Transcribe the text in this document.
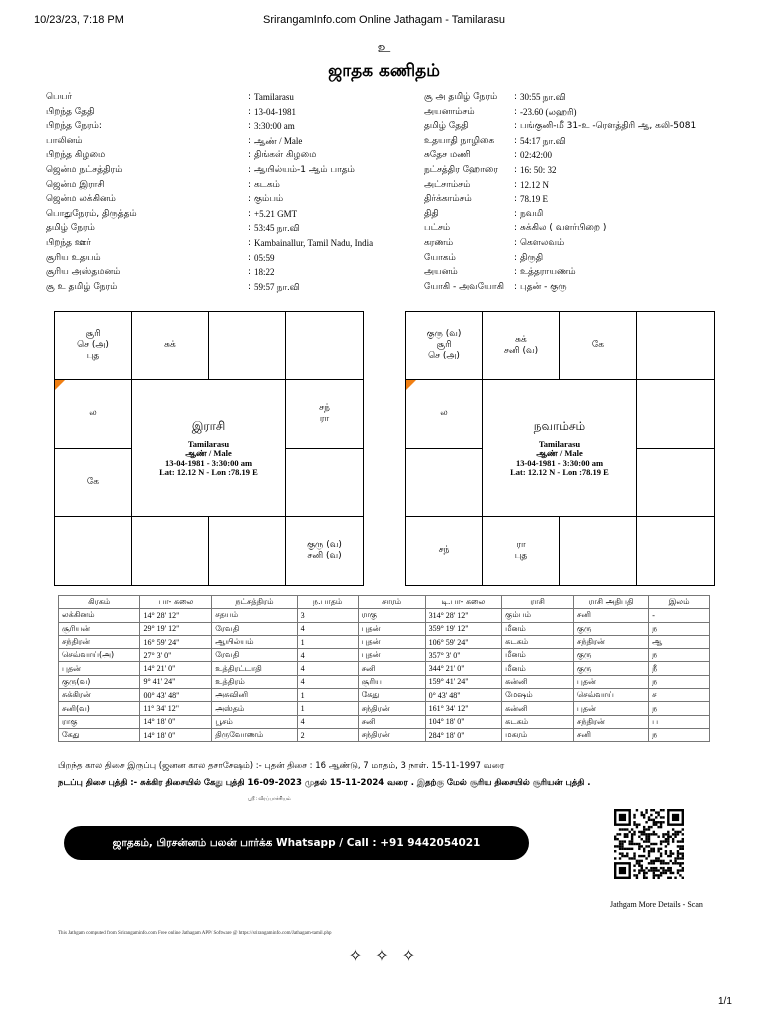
10/23/23, 7:18 PM	SrirangamInfo.com Online Jathagam - Tamilarasu
உ
ஜாதக கணிதம்
பெயர்	: Tamilarasu
பிறந்த தேதி	: 13-04-1981
பிறந்த நேரம்:	: 3:30:00 am
பாலினம்	: ஆண் / Male
பிறந்த கிழமை	: திங்கள் கிழமை
ஜென்ம நட்சத்திரம்	: ஆயில்யம்-1 ஆம் பாதம்
ஜென்ம இராசி	: கடகம்
ஜென்ம லக்கினம்	: கும்பம்
பொதுநேரம், திருத்தம்	: +5.21 GMT
தமிழ் நேரம்	: 53:45 நா.வி
பிறந்த ஊர்	: Kambainallur, Tamil Nadu, India
சூரிய உதயம்	: 05:59
சூரிய அஸ்தமனம்	: 18:22
சூ உ தமிழ் நேரம்	: 59:57 நா.வி
சூ அ தமிழ் நேரம் : 30:55 நா.வி
அயனாம்சம்	: -23.60 (லஹரி)
தமிழ் தேதி	: பங்குனி-மீ 31-உ -ரௌத்திரி ஆ, கலி-5081
உதயாதி நாழிகை : 54:17 நா.வி
சுதேச மணி	: 02:42:00
நட்சத்திர ஹோரை : 16: 50: 32
அட்சாம்சம்	: 12.12 N
திர்க்காம்சம்	: 78.19 E
திதி	: நவமி
பட்சம்	: சுக்கில ( வளர்பிறை )
கரணம்	: கௌலவம்
யோகம்	: திருதி
அயனம்	: உத்தராயணம்
யோகி - அவயோகி : புதன் - குரு
சூரி
செ (அ)
புத
சுக்
ல
சந்
ரா
கே
குரு (வ)
சனி (வ)
இராசி
Tamilarasu
ஆண் / Male
13-04-1981 - 3:30:00 am
Lat: 12.12 N - Lon :78.19 E
குரு (வ)
சூரி
செ (அ)
சுக்
சனி (வ)
கே
ல
சந்
ரா
புத
நவாம்சம்
Tamilarasu
ஆண் / Male
13-04-1981 - 3:30:00 am
Lat: 12.12 N - Lon :78.19 E
கிரகம்	பா- கலை	நட்சத்திரம்	ந.பாதம்	சாரம்	டி.பா- கலை	ராசி	ராசி அதிபதி	இலம்
லக்கினம்	14° 28' 12"	சதயம்	3	ராகு	314° 28' 12"	கும்பம்	சனி	-
சூரியன்	29° 19' 12"	ரேவதி	4	புதன்	359° 19' 12"	மீனம்	குரு	ந
சந்திரன்	16° 59' 24"	ஆயில்யம்	1	புதன்	106° 59' 24"	கடகம்	சந்திரன்	ஆ
செவ்வாய்(அ)	27° 3' 0"	ரேவதி	4	புதன்	357° 3' 0"	மீனம்	குரு	ந
புதன்	14° 21' 0"	உத்திரட்டாதி	4	சனி	344° 21' 0"	மீனம்	குரு	நீ
குரு(வ)	9° 41' 24"	உத்திரம்	4	சூரிய	159° 41' 24"	கன்னி	புதன்	ந
சுக்கிரன்	00° 43' 48"	அசுவினி	1	கேது	0° 43' 48"	மேஷம்	செவ்வாய்	ச
சனி(வ)	11° 34' 12"	அஸ்தம்	1	சந்திரன்	161° 34' 12"	கன்னி	புதன்	ந
ராகு	14° 18' 0"	பூசம்	4	சனி	104° 18' 0"	கடகம்	சந்திரன்	ப
கேது	14° 18' 0"	திருவோணம்	2	சந்திரன்	284° 18' 0"	மகரம்	சனி	ந
பிறந்த கால திசை இருப்பு (ஜனன கால தசாசேஷம்) :- புதன் திசை : 16 ஆண்டு, 7 மாதம், 3 நாள். 15-11-1997 வரை
நடப்பு திசை புத்தி :- சுக்கிர திசையில் கேது புத்தி 16-09-2023 முதல் 15-11-2024 வரை . இதற்கு மேல் சூரிய திசையில் சூரியன் புத்தி .
ஸ்ரீ : வீரப்பாச்சியம்
ஜாதகம், பிரசன்னம் பலன் பார்க்க Whatsapp / Call : +91 9442054021
Jathgam More Details - Scan
This Jathgam computed from Srirangaminfo.com Free online Jathagam APP/ Software @ https://srirangaminfo.com/Jathagam-tamil.php
✧ ✧ ✧
1/1
